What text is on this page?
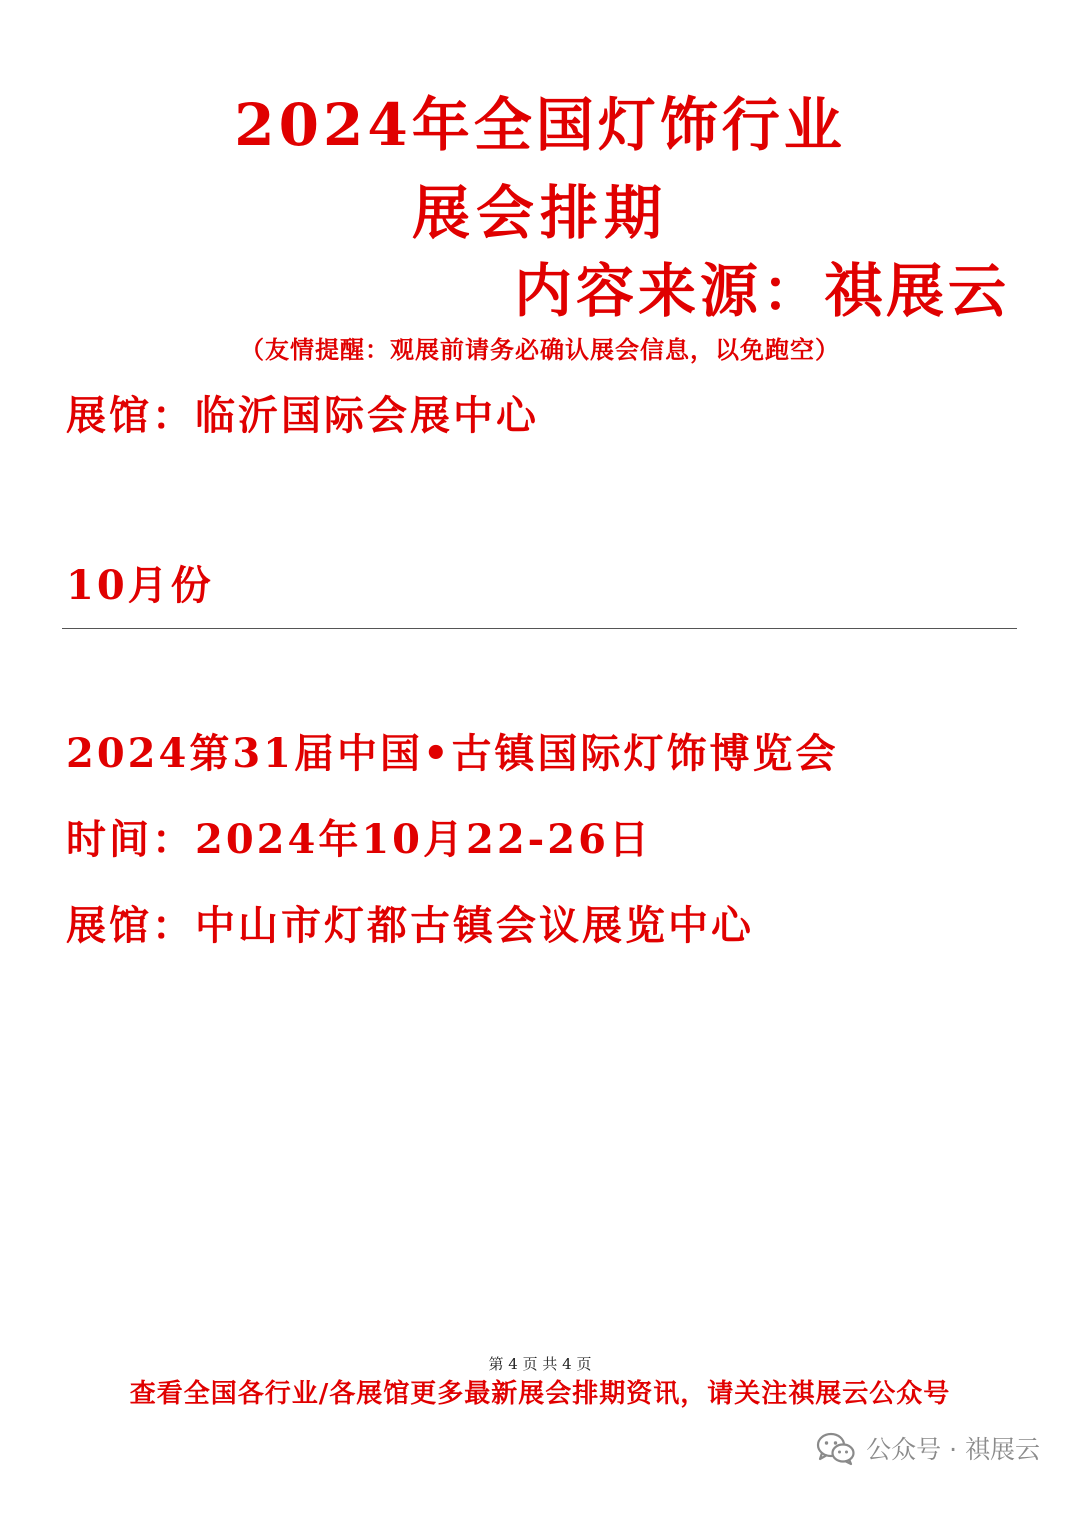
2024年全国灯饰行业
展会排期
内容来源：祺展云
（友情提醒：观展前请务必确认展会信息，以免跑空）
展馆：临沂国际会展中心
10月份
2024第31届中国•古镇国际灯饰博览会
时间：2024年10月22-26日
展馆：中山市灯都古镇会议展览中心
第 4 页 共 4 页
查看全国各行业/各展馆更多最新展会排期资讯，请关注祺展云公众号
公众号 · 祺展云
